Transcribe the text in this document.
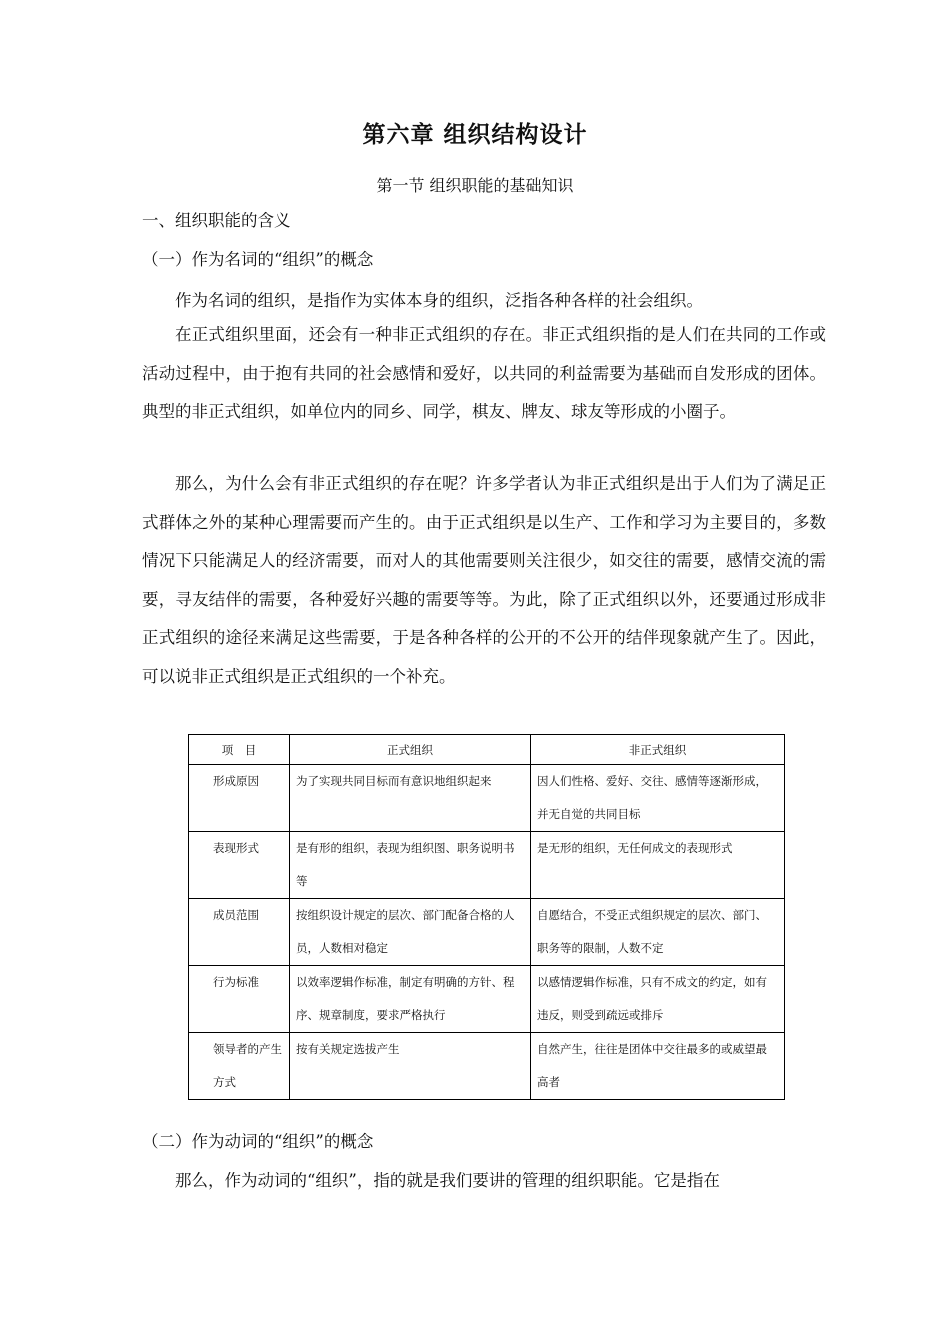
第六章 组织结构设计
第一节 组织职能的基础知识
一、组织职能的含义
（一）作为名词的“组织”的概念

作为名词的组织，是指作为实体本身的组织，泛指各种各样的社会组织。

在正式组织里面，还会有一种非正式组织的存在。非正式组织指的是人们在共同的工作或活动过程中，由于抱有共同的社会感情和爱好，以共同的利益需要为基础而自发形成的团体。典型的非正式组织，如单位内的同乡、同学，棋友、牌友、球友等形成的小圈子。

那么，为什么会有非正式组织的存在呢？许多学者认为非正式组织是出于人们为了满足正式群体之外的某种心理需要而产生的。由于正式组织是以生产、工作和学习为主要目的，多数情况下只能满足人的经济需要，而对人的其他需要则关注很少，如交往的需要，感情交流的需要，寻友结伴的需要，各种爱好兴趣的需要等等。为此，除了正式组织以外，还要通过形成非正式组织的途径来满足这些需要，于是各种各样的公开的不公开的结伴现象就产生了。因此，可以说非正式组织是正式组织的一个补充。

项　目	正式组织	非正式组织
形成原因	为了实现共同目标而有意识地组织起来	因人们性格、爱好、交往、感情等逐渐形成，并无自觉的共同目标
表现形式	是有形的组织，表现为组织图、职务说明书等	是无形的组织，无任何成文的表现形式
成员范围	按组织设计规定的层次、部门配备合格的人员，人数相对稳定	自愿结合，不受正式组织规定的层次、部门、职务等的限制，人数不定
行为标准	以效率逻辑作标准，制定有明确的方针、程序、规章制度，要求严格执行	以感情逻辑作标准，只有不成文的约定，如有违反，则受到疏远或排斥
领导者的产生方式	按有关规定选拔产生	自然产生，往往是团体中交往最多的或威望最高者
（二）作为动词的“组织”的概念

那么，作为动词的“组织”，指的就是我们要讲的管理的组织职能。它是指在
